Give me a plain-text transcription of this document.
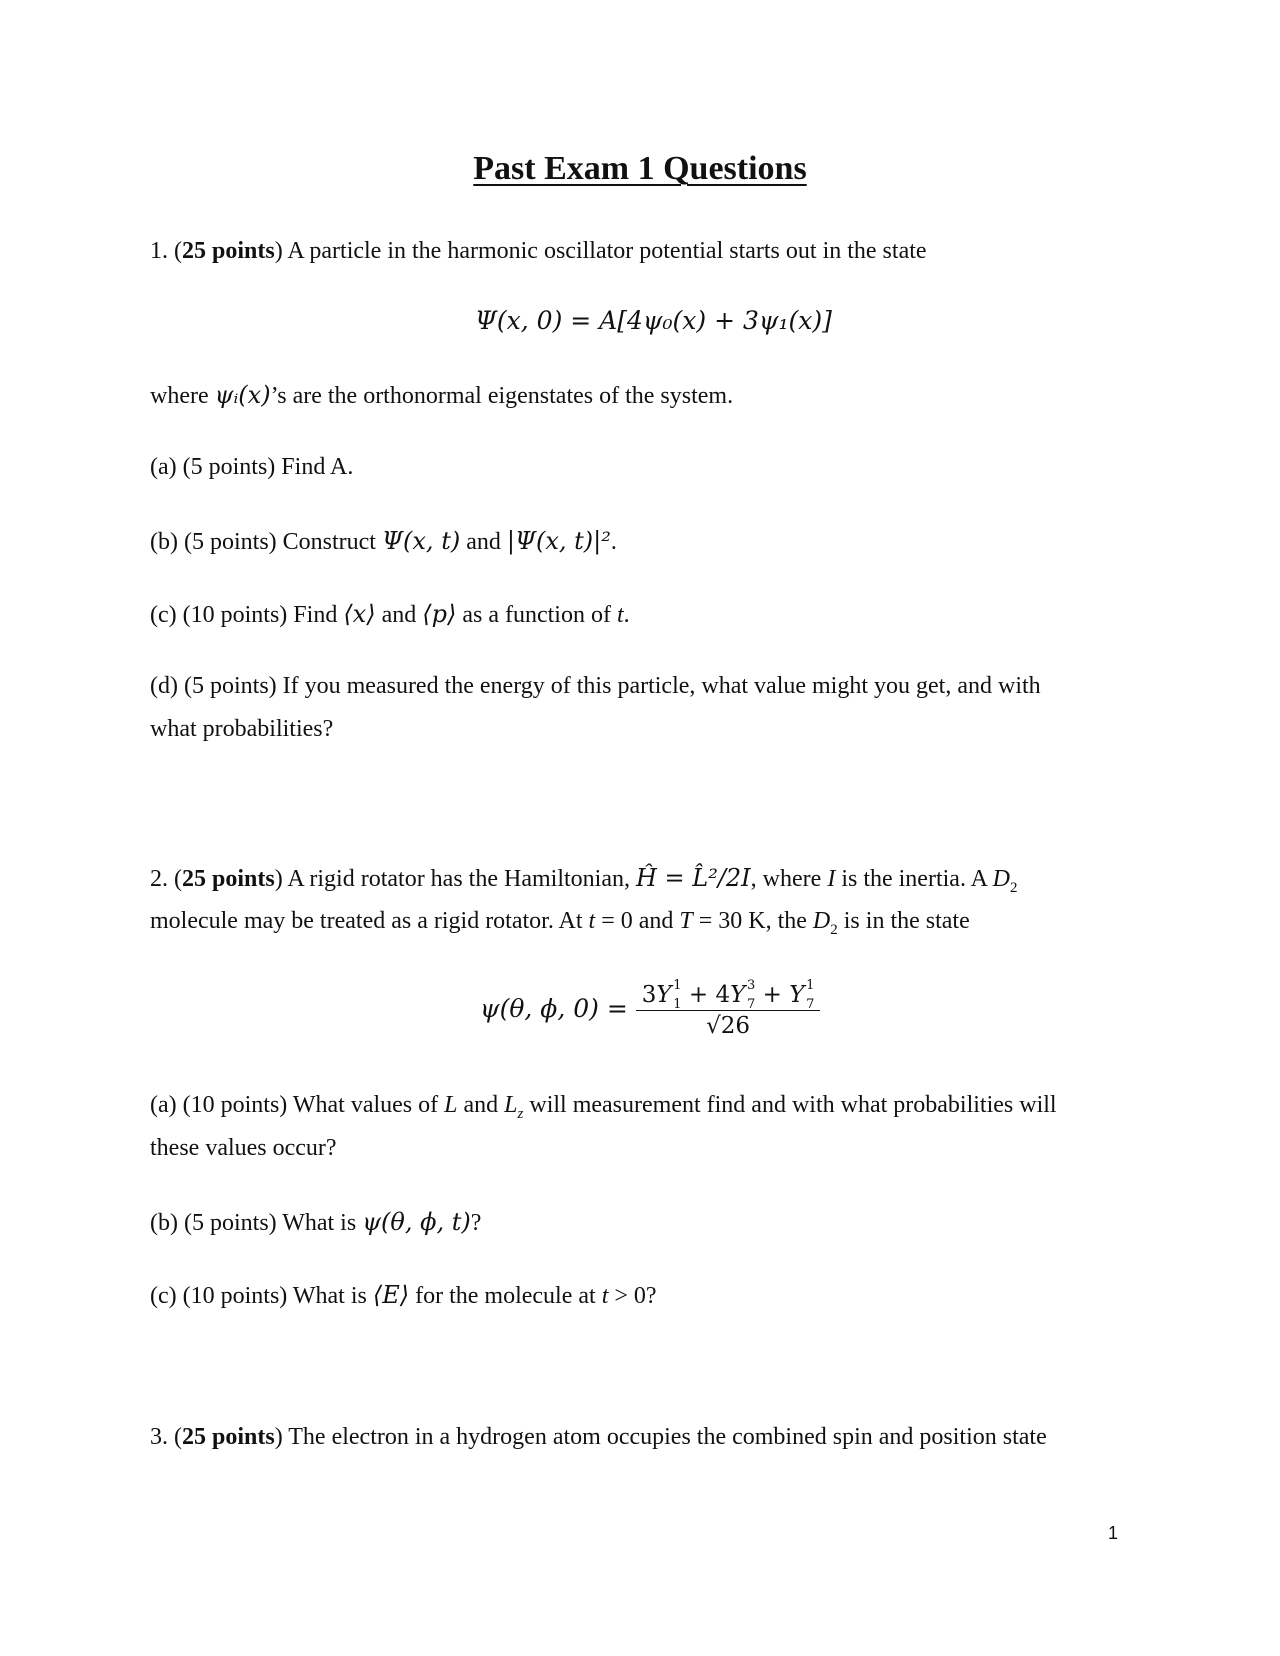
Past Exam 1 Questions
1. (25 points) A particle in the harmonic oscillator potential starts out in the state
Ψ(x, 0) = A[4ψ₀(x) + 3ψ₁(x)]
where ψᵢ(x)’s are the orthonormal eigenstates of the system.
(a) (5 points) Find A.
(b) (5 points) Construct Ψ(x, t) and |Ψ(x, t)|².
(c) (10 points) Find ⟨x⟩ and ⟨p⟩ as a function of t.
(d) (5 points) If you measured the energy of this particle, what value might you get, and with
what probabilities?
2. (25 points) A rigid rotator has the Hamiltonian, Ĥ = L̂²/2I, where I is the inertia. A $D_2$
molecule may be treated as a rigid rotator. At t = 0 and T = 30 K, the $D_2$ is in the state
ψ(θ, ϕ, 0) = 3Y 1
1 + 4Y 3
7 + Y 1
7
√26
(a) (10 points) What values of L and $L_z$ will measurement find and with what probabilities will
these values occur?
(b) (5 points) What is ψ(θ, ϕ, t)?
(c) (10 points) What is ⟨E⟩ for the molecule at t > 0?
3. (25 points) The electron in a hydrogen atom occupies the combined spin and position state
1
